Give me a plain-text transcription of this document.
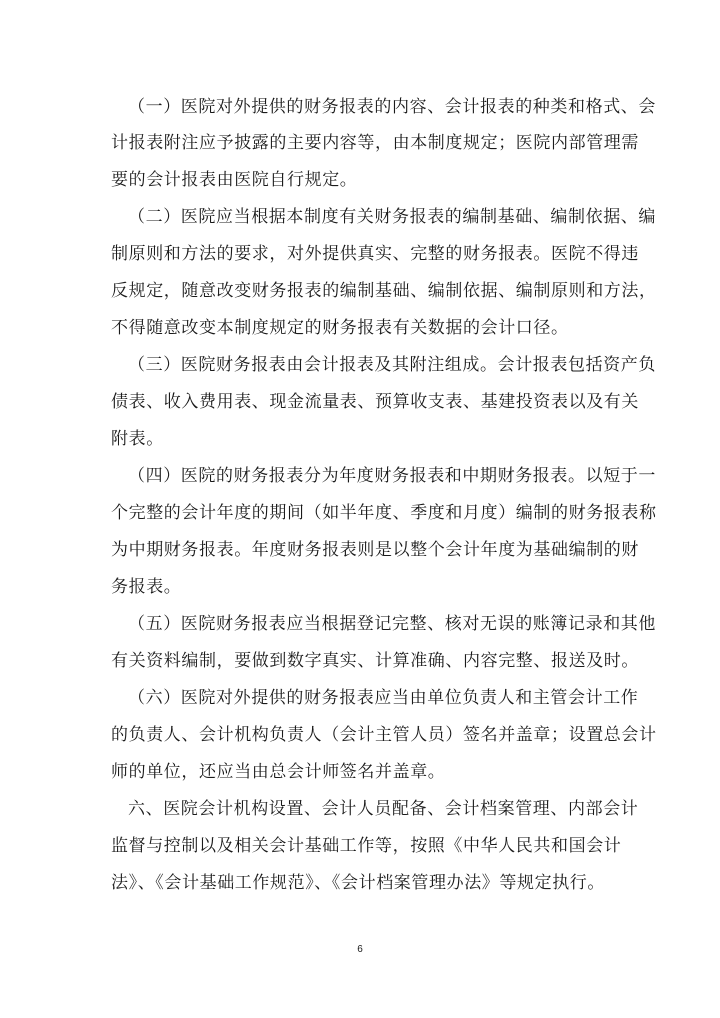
（一）医院对外提供的财务报表的内容、会计报表的种类和格式、会
计报表附注应予披露的主要内容等，由本制度规定；医院内部管理需
要的会计报表由医院自行规定。
（二）医院应当根据本制度有关财务报表的编制基础、编制依据、编
制原则和方法的要求，对外提供真实、完整的财务报表。医院不得违
反规定，随意改变财务报表的编制基础、编制依据、编制原则和方法，
不得随意改变本制度规定的财务报表有关数据的会计口径。
（三）医院财务报表由会计报表及其附注组成。会计报表包括资产负
债表、收入费用表、现金流量表、预算收支表、基建投资表以及有关
附表。
（四）医院的财务报表分为年度财务报表和中期财务报表。以短于一
个完整的会计年度的期间（如半年度、季度和月度）编制的财务报表称
为中期财务报表。年度财务报表则是以整个会计年度为基础编制的财
务报表。
（五）医院财务报表应当根据登记完整、核对无误的账簿记录和其他
有关资料编制，要做到数字真实、计算准确、内容完整、报送及时。
（六）医院对外提供的财务报表应当由单位负责人和主管会计工作
的负责人、会计机构负责人（会计主管人员）签名并盖章；设置总会计
师的单位，还应当由总会计师签名并盖章。
六、医院会计机构设置、会计人员配备、会计档案管理、内部会计
监督与控制以及相关会计基础工作等，按照《中华人民共和国会计
法》、《会计基础工作规范》、《会计档案管理办法》等规定执行。
6
